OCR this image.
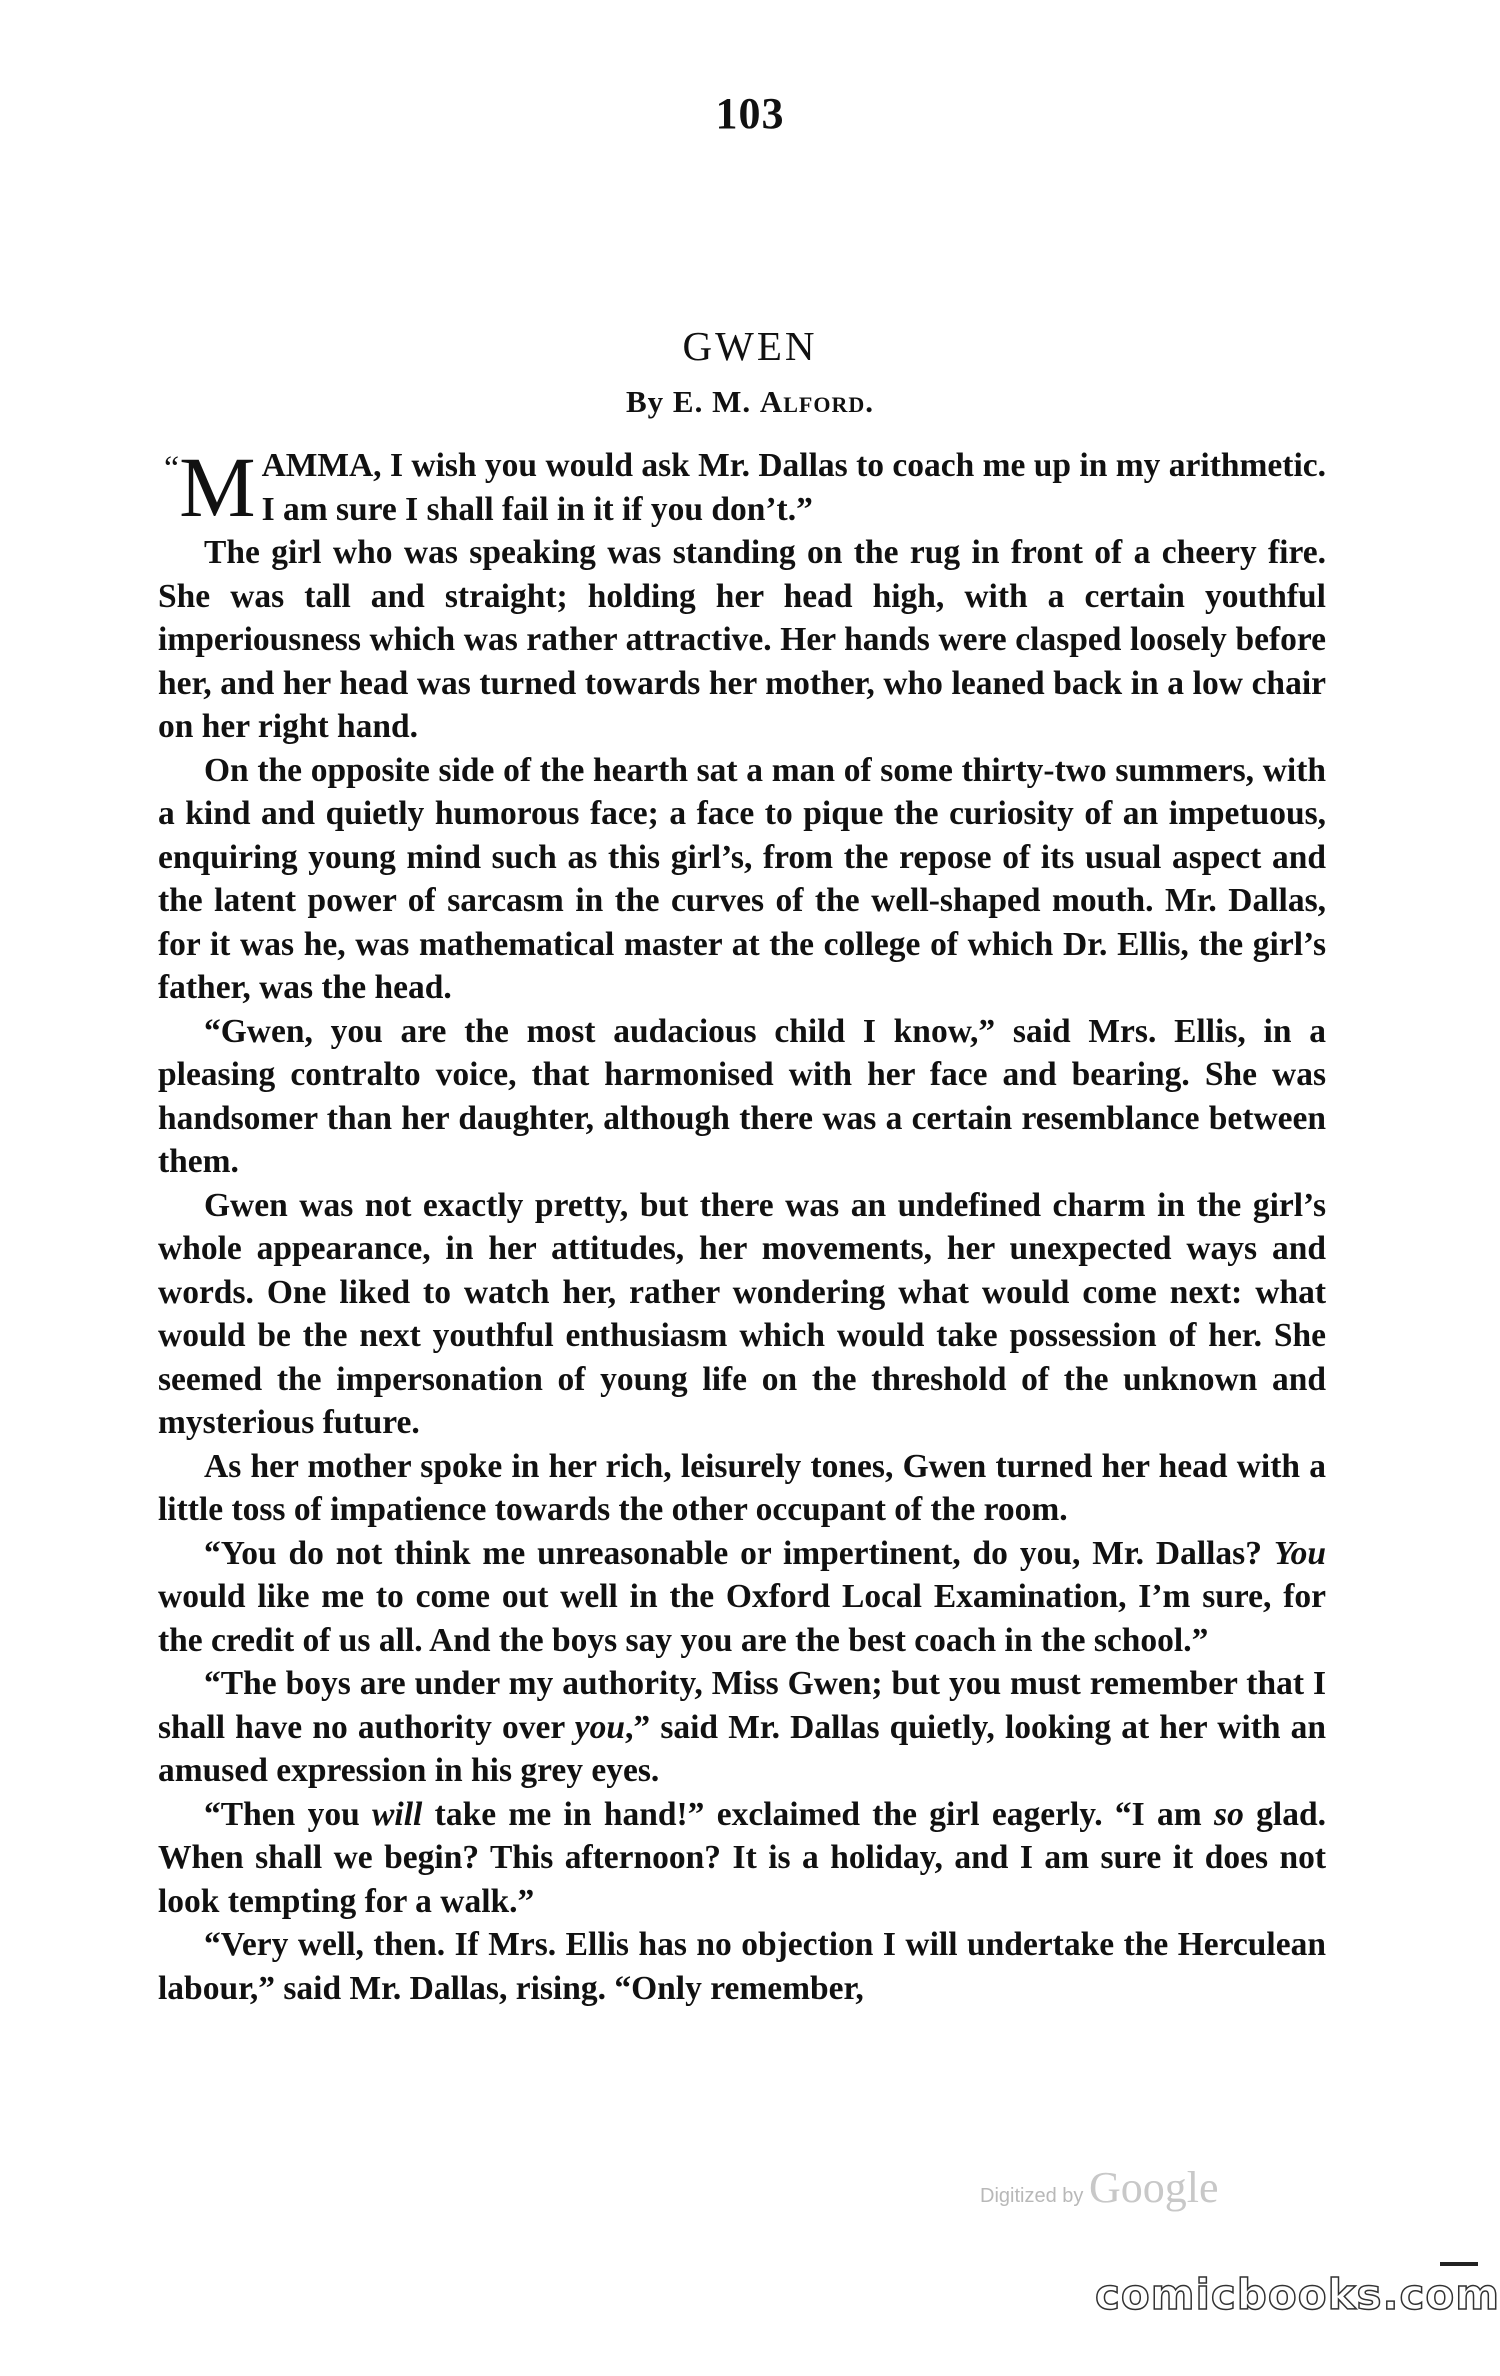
103
GWEN
By E. M. Alford.

“M AMMA, I wish you would ask Mr. Dallas to coach me up in my arithmetic. I am sure I shall fail in it if you don’t.”

The girl who was speaking was standing on the rug in front of a cheery fire. She was tall and straight; holding her head high, with a certain youthful imperiousness which was rather attractive. Her hands were clasped loosely before her, and her head was turned towards her mother, who leaned back in a low chair on her right hand.

On the opposite side of the hearth sat a man of some thirty-two summers, with a kind and quietly humorous face; a face to pique the curiosity of an impetuous, enquiring young mind such as this girl’s, from the repose of its usual aspect and the latent power of sarcasm in the curves of the well-shaped mouth. Mr. Dallas, for it was he, was mathematical master at the college of which Dr. Ellis, the girl’s father, was the head.

“Gwen, you are the most audacious child I know,” said Mrs. Ellis, in a pleasing contralto voice, that harmonised with her face and bearing. She was handsomer than her daughter, although there was a certain resemblance between them.

Gwen was not exactly pretty, but there was an undefined charm in the girl’s whole appearance, in her attitudes, her movements, her unexpected ways and words. One liked to watch her, rather wondering what would come next: what would be the next youthful enthusiasm which would take possession of her. She seemed the impersonation of young life on the threshold of the unknown and mysterious future.

As her mother spoke in her rich, leisurely tones, Gwen turned her head with a little toss of impatience towards the other occupant of the room.

“You do not think me unreasonable or impertinent, do you, Mr. Dallas? You would like me to come out well in the Oxford Local Examination, I’m sure, for the credit of us all. And the boys say you are the best coach in the school.”

“The boys are under my authority, Miss Gwen; but you must remember that I shall have no authority over you,” said Mr. Dallas quietly, looking at her with an amused expression in his grey eyes.

“Then you will take me in hand!” exclaimed the girl eagerly. “I am so glad. When shall we begin? This afternoon? It is a holiday, and I am sure it does not look tempting for a walk.”

“Very well, then. If Mrs. Ellis has no objection I will undertake the Herculean labour,” said Mr. Dallas, rising. “Only remember,

Digitized by Google
comicbooks.com
